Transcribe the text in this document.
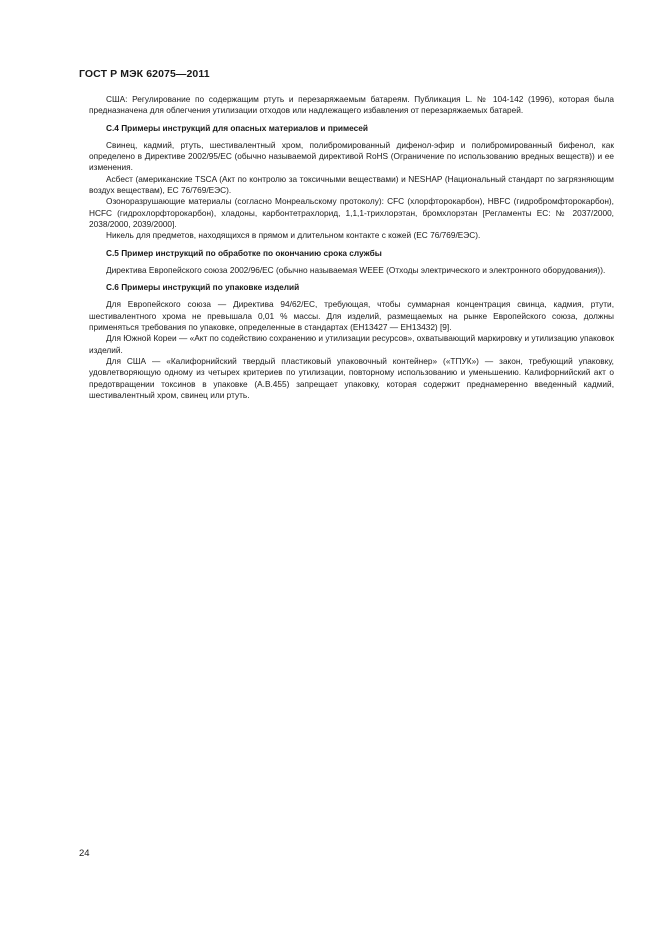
ГОСТ Р МЭК 62075—2011

США: Регулирование по содержащим ртуть и перезаряжаемым батареям. Публикация L. № 104-142 (1996), которая была предназначена для облегчения утилизации отходов или надлежащего избавления от перезаряжаемых батарей.

С.4 Примеры инструкций для опасных материалов и примесей

Свинец, кадмий, ртуть, шестивалентный хром, полибромированный дифенол-эфир и полибромированный бифенол, как определено в Директиве 2002/95/ЕС (обычно называемой директивой RoHS (Ограничение по использованию вредных веществ)) и ее изменения.

Асбест (американские TSCA (Акт по контролю за токсичными веществами) и NESHAP (Национальный стандарт по загрязняющим воздух веществам), ЕС 76/769/ЕЭС).

Озоноразрушающие материалы (согласно Монреальскому протоколу): CFC (хлорфторокарбон), HBFC (гидробромфторокарбон), HCFC (гидрохлорфторокарбон), хладоны, карбонтетрахлорид, 1,1,1-трихлорэтан, бромхлорэтан [Регламенты ЕС: № 2037/2000, 2038/2000, 2039/2000].

Никель для предметов, находящихся в прямом и длительном контакте с кожей (ЕС 76/769/ЕЭС).

С.5 Пример инструкций по обработке по окончанию срока службы

Директива Европейского союза 2002/96/ЕС (обычно называемая WEEE (Отходы электрического и электронного оборудования)).

С.6 Примеры инструкций по упаковке изделий

Для Европейского союза — Директива 94/62/ЕС, требующая, чтобы суммарная концентрация свинца, кадмия, ртути, шестивалентного хрома не превышала 0,01 % массы. Для изделий, размещаемых на рынке Европейского союза, должны применяться требования по упаковке, определенные в стандартах (ЕН13427 — ЕН13432) [9].

Для Южной Кореи — «Акт по содействию сохранению и утилизации ресурсов», охватывающий маркировку и утилизацию упаковок изделий.

Для США — «Калифорнийский твердый пластиковый упаковочный контейнер» («ТПУК») — закон, требующий упаковку, удовлетворяющую одному из четырех критериев по утилизации, повторному использованию и уменьшению. Калифорнийский акт о предотвращении токсинов в упаковке (А.В.455) запрещает упаковку, которая содержит преднамеренно введенный кадмий, шестивалентный хром, свинец или ртуть.

24
